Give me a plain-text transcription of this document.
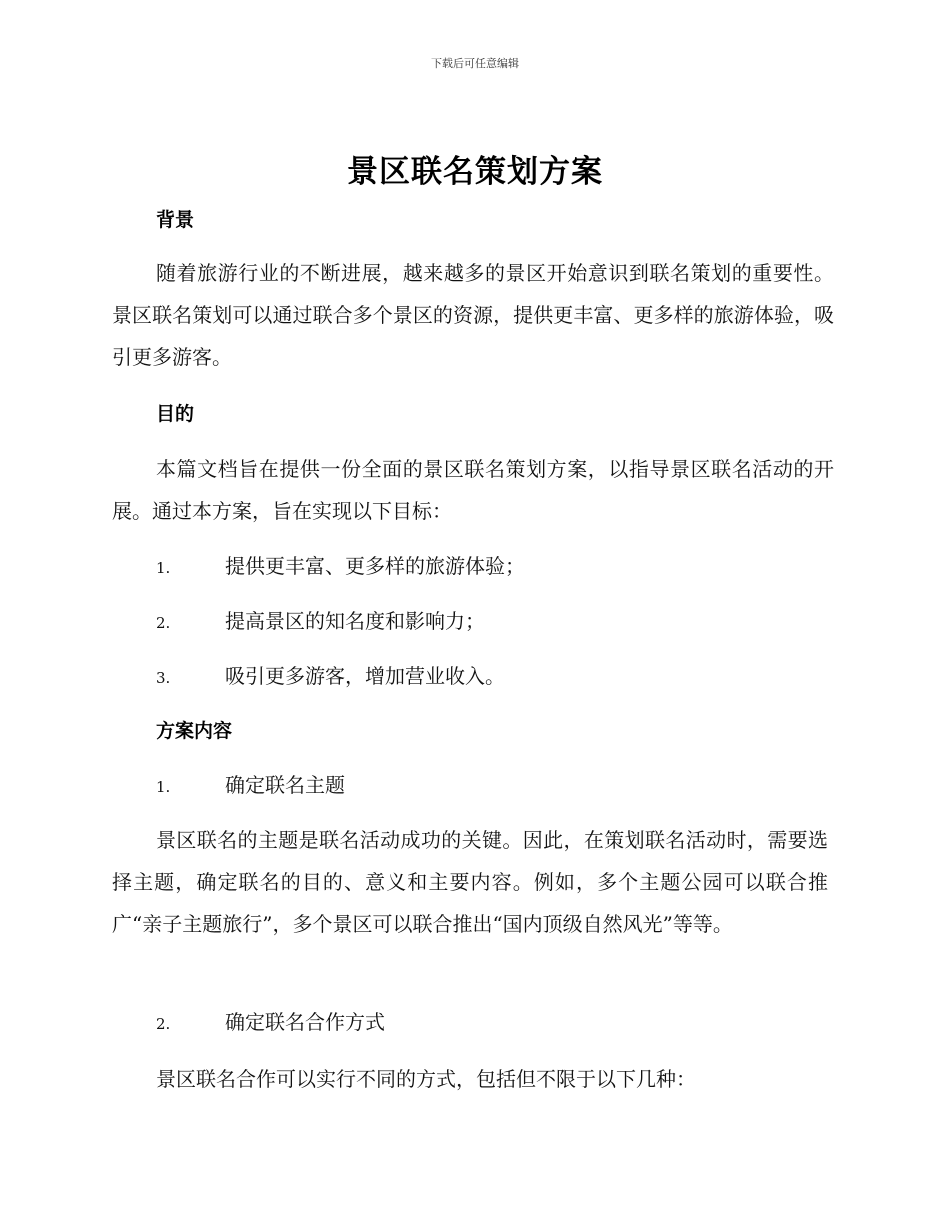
下载后可任意编辑
景区联名策划方案
背景
随着旅游行业的不断进展，越来越多的景区开始意识到联名策划的重要性。景区联名策划可以通过联合多个景区的资源，提供更丰富、更多样的旅游体验，吸引更多游客。
目的
本篇文档旨在提供一份全面的景区联名策划方案，以指导景区联名活动的开展。通过本方案，旨在实现以下目标：
1.	提供更丰富、更多样的旅游体验；
2.	提高景区的知名度和影响力；
3.	吸引更多游客，增加营业收入。
方案内容
1.	确定联名主题
景区联名的主题是联名活动成功的关键。因此，在策划联名活动时，需要选择主题，确定联名的目的、意义和主要内容。例如，多个主题公园可以联合推广“亲子主题旅行”，多个景区可以联合推出“国内顶级自然风光”等等。
2.	确定联名合作方式
景区联名合作可以实行不同的方式，包括但不限于以下几种：
